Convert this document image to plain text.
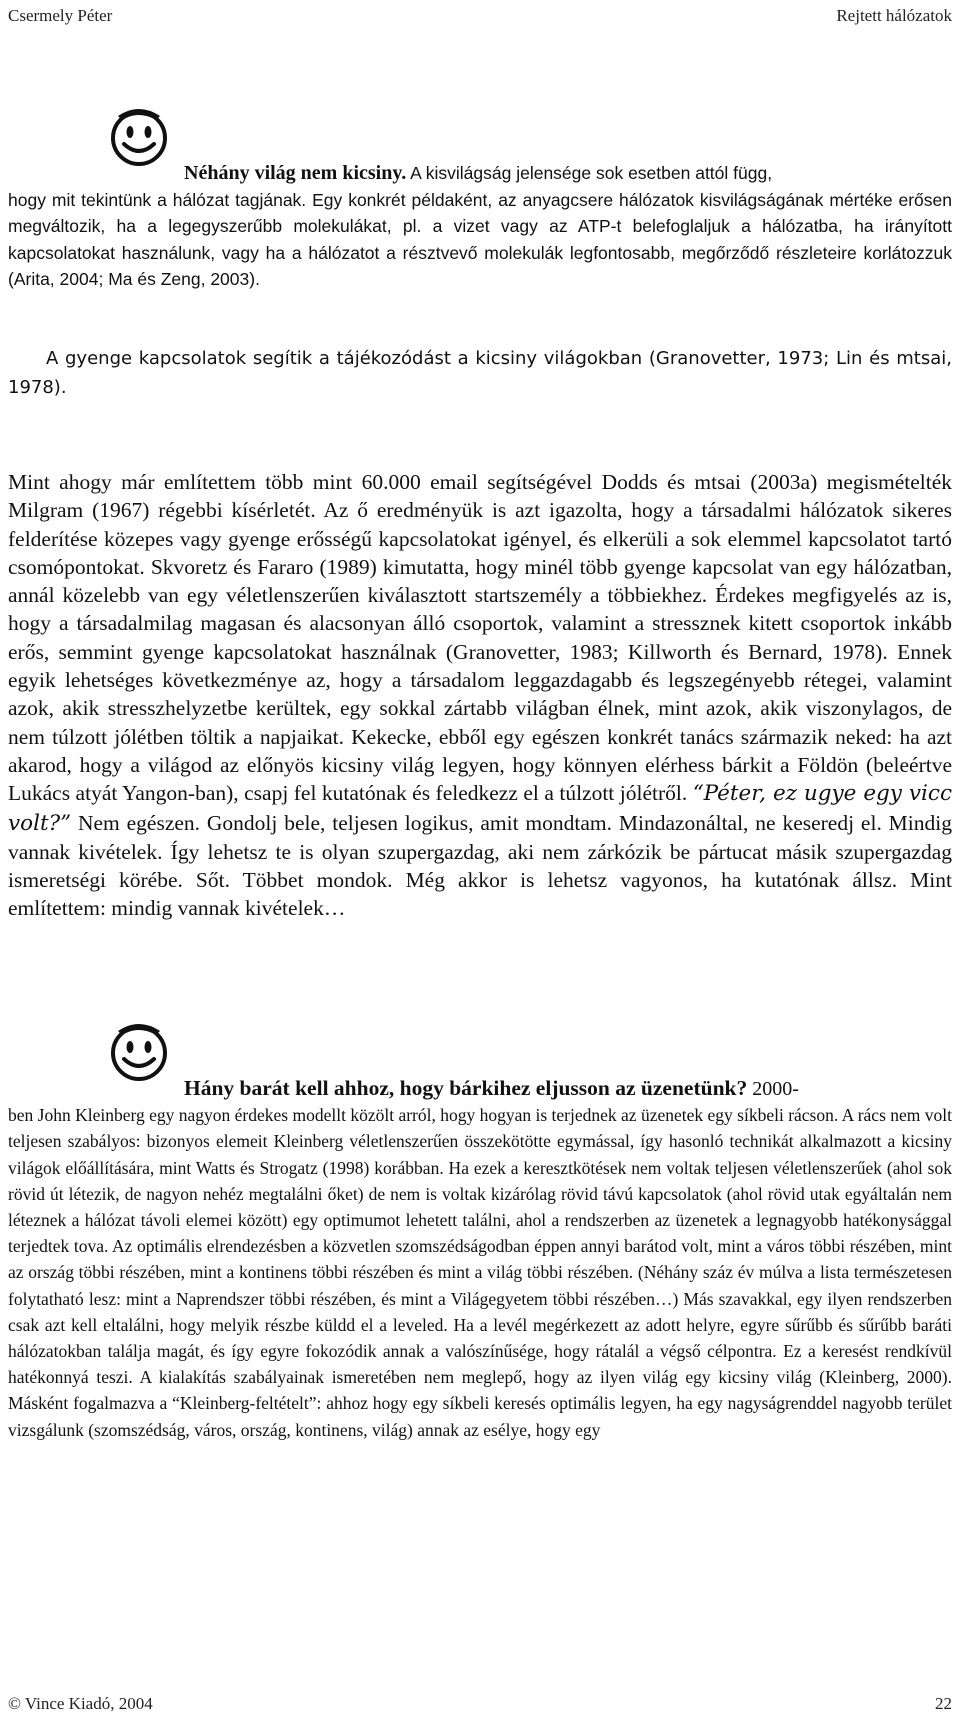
Csermely Péter	Rejtett hálózatok

Néhány világ nem kicsiny. A kisvilágság jelensége sok esetben attól függ,

hogy mit tekintünk a hálózat tagjának. Egy konkrét példaként, az anyagcsere hálózatok kisvilágságának mértéke erősen megváltozik, ha a legegyszerűbb molekulákat, pl. a vizet vagy az ATP-t belefoglaljuk a hálózatba, ha irányított kapcsolatokat használunk, vagy ha a hálózatot a résztvevő molekulák legfontosabb, megőrződő részleteire korlátozzuk (Arita, 2004; Ma és Zeng, 2003).

A gyenge kapcsolatok segítik a tájékozódást a kicsiny világokban (Granovetter, 1973; Lin és mtsai, 1978).

Mint ahogy már említettem több mint 60.000 email segítségével Dodds és mtsai (2003a) megismételték Milgram (1967) régebbi kísérletét. Az ő eredményük is azt igazolta, hogy a társadalmi hálózatok sikeres felderítése közepes vagy gyenge erősségű kapcsolatokat igényel, és elkerüli a sok elemmel kapcsolatot tartó csomópontokat. Skvoretz és Fararo (1989) kimutatta, hogy minél több gyenge kapcsolat van egy hálózatban, annál közelebb van egy véletlenszerűen kiválasztott startszemély a többiekhez. Érdekes megfigyelés az is, hogy a társadalmilag magasan és alacsonyan álló csoportok, valamint a stressznek kitett csoportok inkább erős, semmint gyenge kapcsolatokat használnak (Granovetter, 1983; Killworth és Bernard, 1978). Ennek egyik lehetséges következménye az, hogy a társadalom leggazdagabb és legszegényebb rétegei, valamint azok, akik stresszhelyzetbe kerültek, egy sokkal zártabb világban élnek, mint azok, akik viszonylagos, de nem túlzott jólétben töltik a napjaikat. Kekecke, ebből egy egészen konkrét tanács származik neked: ha azt akarod, hogy a világod az előnyös kicsiny világ legyen, hogy könnyen elérhess bárkit a Földön (beleértve Lukács atyát Yangon-ban), csapj fel kutatónak és feledkezz el a túlzott jólétről. “Péter, ez ugye egy vicc volt?” Nem egészen. Gondolj bele, teljesen logikus, amit mondtam. Mindazonáltal, ne keseredj el. Mindig vannak kivételek. Így lehetsz te is olyan szupergazdag, aki nem zárkózik be pártucat másik szupergazdag ismeretségi körébe. Sőt. Többet mondok. Még akkor is lehetsz vagyonos, ha kutatónak állsz. Mint említettem: mindig vannak kivételek…

Hány barát kell ahhoz, hogy bárkihez eljusson az üzenetünk? 2000-

ben John Kleinberg egy nagyon érdekes modellt közölt arról, hogy hogyan is terjednek az üzenetek egy síkbeli rácson. A rács nem volt teljesen szabályos: bizonyos elemeit Kleinberg véletlenszerűen összekötötte egymással, így hasonló technikát alkalmazott a kicsiny világok előállítására, mint Watts és Strogatz (1998) korábban. Ha ezek a keresztkötések nem voltak teljesen véletlenszerűek (ahol sok rövid út létezik, de nagyon nehéz megtalálni őket) de nem is voltak kizárólag rövid távú kapcsolatok (ahol rövid utak egyáltalán nem léteznek a hálózat távoli elemei között) egy optimumot lehetett találni, ahol a rendszerben az üzenetek a legnagyobb hatékonysággal terjedtek tova. Az optimális elrendezésben a közvetlen szomszédságodban éppen annyi barátod volt, mint a város többi részében, mint az ország többi részében, mint a kontinens többi részében és mint a világ többi részében. (Néhány száz év múlva a lista természetesen folytatható lesz: mint a Naprendszer többi részében, és mint a Világegyetem többi részében…) Más szavakkal, egy ilyen rendszerben csak azt kell eltalálni, hogy melyik részbe küldd el a leveled. Ha a levél megérkezett az adott helyre, egyre sűrűbb és sűrűbb baráti hálózatokban találja magát, és így egyre fokozódik annak a valószínűsége, hogy rátalál a végső célpontra. Ez a keresést rendkívül hatékonnyá teszi. A kialakítás szabályainak ismeretében nem meglepő, hogy az ilyen világ egy kicsiny világ (Kleinberg, 2000). Másként fogalmazva a “Kleinberg-feltételt”: ahhoz hogy egy síkbeli keresés optimális legyen, ha egy nagyságrenddel nagyobb terület vizsgálunk (szomszédság, város, ország, kontinens, világ) annak az esélye, hogy egy

© Vince Kiadó, 2004	22
